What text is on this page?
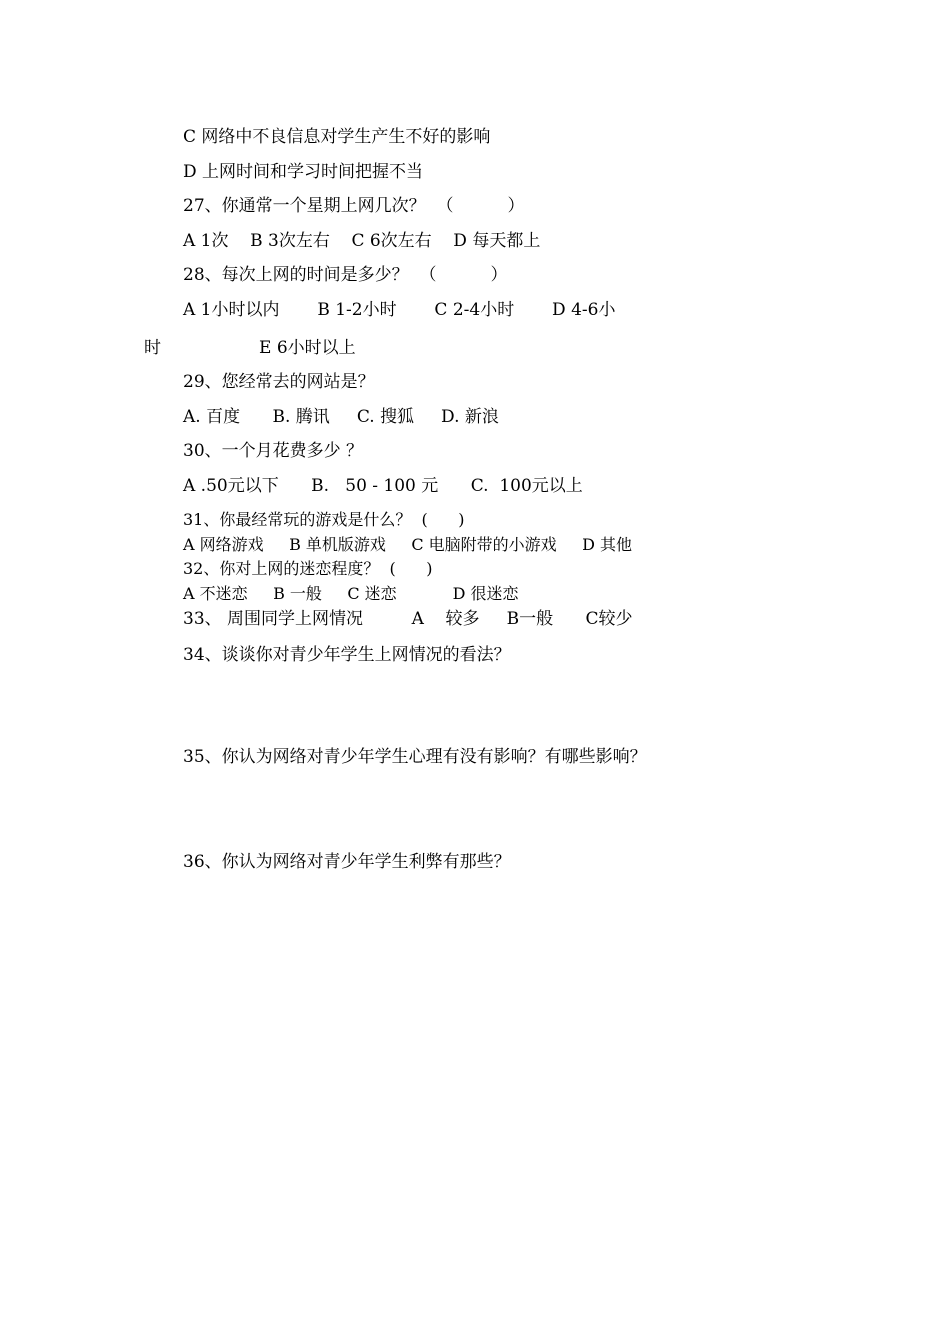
C 网络中不良信息对学生产生不好的影响
D 上网时间和学习时间把握不当
27、你通常一个星期上网几次？  （          ）
A 1次    B 3次左右    C 6次左右    D 每天都上
28、每次上网的时间是多少？  （          ）
A 1小时以内       B 1-2小时       C 2-4小时       D 4-6小
时	E 6小时以上
29、您经常去的网站是？
A. 百度      B. 腾讯     C. 搜狐     D. 新浪
30、一个月花费多少 ？
A .50元以下      B.   50 - 100 元      C.  100元以上
31、你最经常玩的游戏是什么？  (      )
A 网络游戏     B 单机版游戏     C 电脑附带的小游戏     D 其他
32、你对上网的迷恋程度？  (      )
A 不迷恋     B 一般     C 迷恋           D 很迷恋
33、 周围同学上网情况         A    较多     B一般      C较少
34、谈谈你对青少年学生上网情况的看法？
35、你认为网络对青少年学生心理有没有影响？有哪些影响？
36、你认为网络对青少年学生利弊有那些？
